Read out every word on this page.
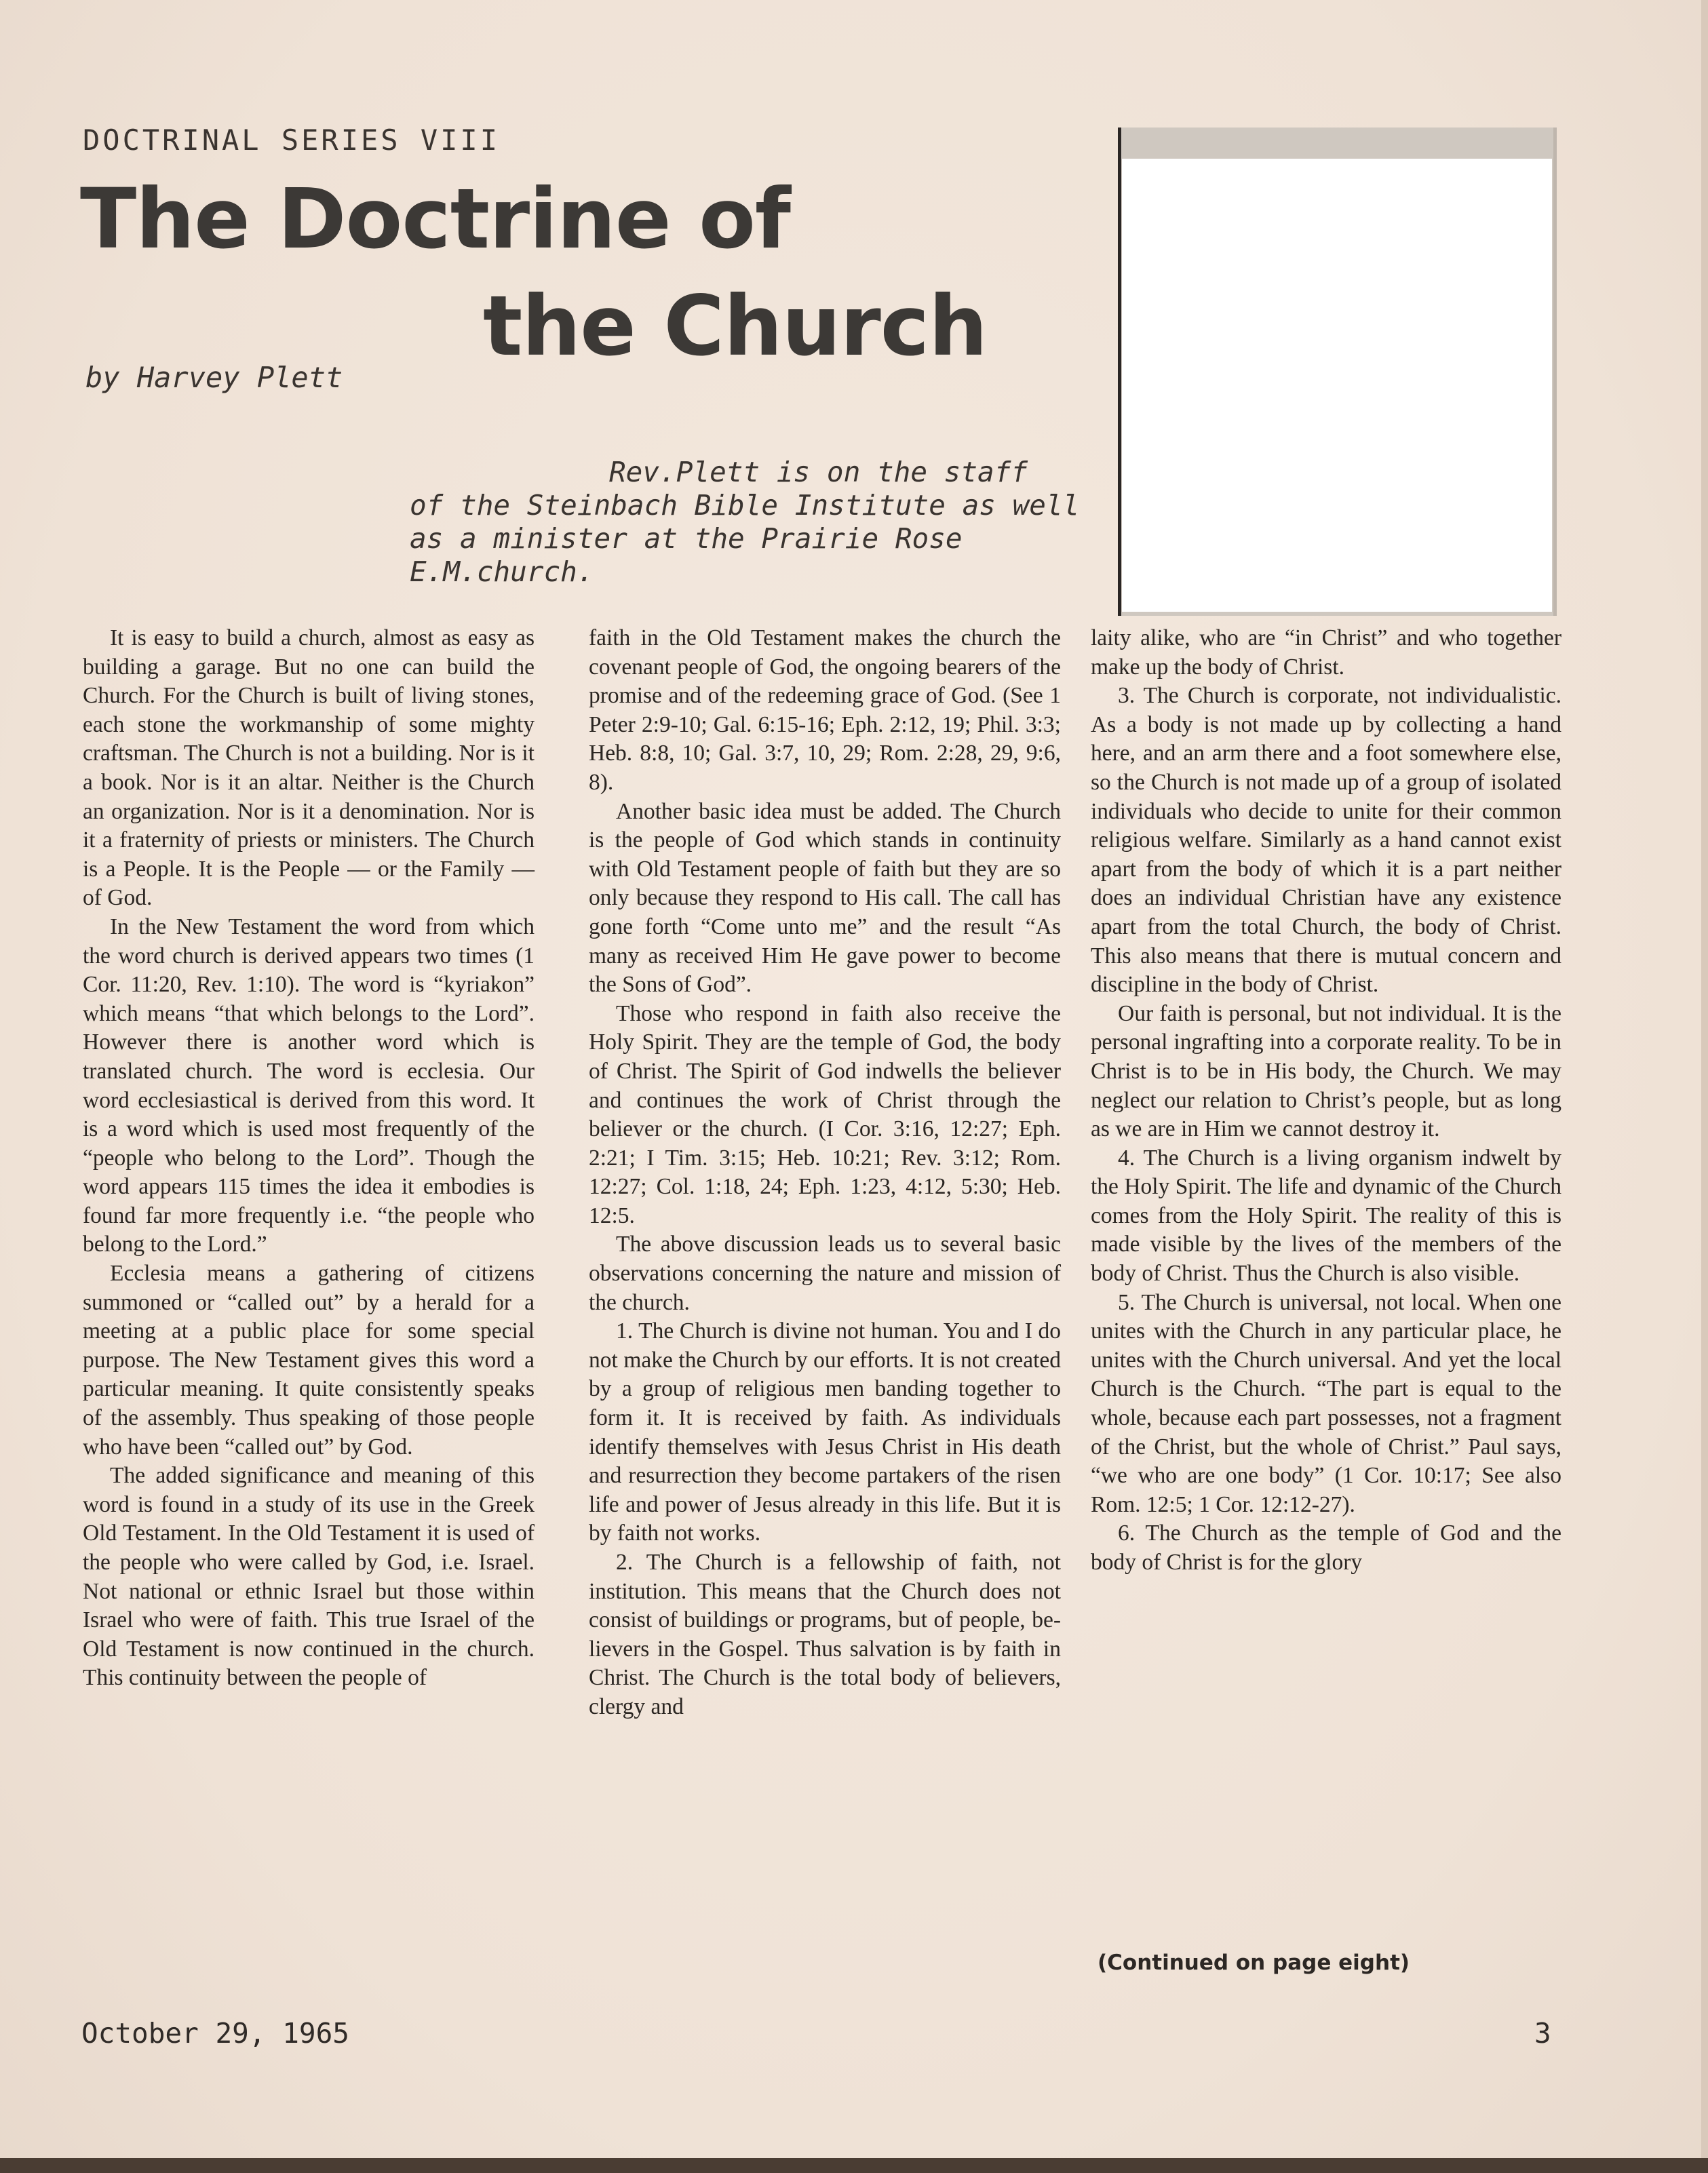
DOCTRINAL SERIES VIII
The Doctrine of
the Church
by Harvey Plett
Rev.Plett is on the staff
of the Steinbach Bible Institute as well
as a minister at the Prairie Rose
E.M.church.

It is easy to build a church, almost as easy as building a garage. But no one can build the Church. For the Church is built of living stones, each stone the workmanship of some mighty craftsman. The Church is not a building. Nor is it a book. Nor is it an altar. Neither is the Church an organization. Nor is it a denomination. Nor is it a fraternity of priests or ministers. The Church is a People. It is the People — or the Family — of God.

In the New Testament the word from which the word church is derived appears two times (1 Cor. 11:20, Rev. 1:10). The word is “kyriakon” which means “that which belongs to the Lord”. However there is another word which is translated church. The word is ecclesia. Our word ecclesiastical is derived from this word. It is a word which is used most frequently of the “people who belong to the Lord”. Though the word appears 115 times the idea it embodies is found far more frequently i.e. “the people who belong to the Lord.”

Ecclesia means a gathering of citizens summoned or “called out” by a herald for a meeting at a public place for some special purpose. The New Testament gives this word a particular meaning. It quite consistently speaks of the assembly. Thus speaking of those people who have been “called out” by God.

The added significance and meaning of this word is found in a study of its use in the Greek Old Testament. In the Old Testament it is used of the people who were called by God, i.e. Israel. Not national or ethnic Israel but those within Israel who were of faith. This true Israel of the Old Testament is now continued in the church. This continuity between the people of

faith in the Old Testament makes the church the covenant people of God, the ongoing bearers of the promise and of the redeeming grace of God. (See 1 Peter 2:9-10; Gal. 6:15-16; Eph. 2:12, 19; Phil. 3:3; Heb. 8:8, 10; Gal. 3:7, 10, 29; Rom. 2:28, 29, 9:6, 8).

Another basic idea must be added. The Church is the people of God which stands in continuity with Old Testament people of faith but they are so only because they respond to His call. The call has gone forth “Come unto me” and the result “As many as received Him He gave power to become the Sons of God”.

Those who respond in faith also receive the Holy Spirit. They are the temple of God, the body of Christ. The Spirit of God indwells the believer and continues the work of Christ through the believer or the church. (I Cor. 3:16, 12:27; Eph. 2:21; I Tim. 3:15; Heb. 10:21; Rev. 3:12; Rom. 12:27; Col. 1:18, 24; Eph. 1:23, 4:12, 5:30; Heb. 12:5.

The above discussion leads us to several basic observations concerning the nature and mission of the church.

1. The Church is divine not human. You and I do not make the Church by our efforts. It is not created by a group of religious men banding together to form it. It is received by faith. As individuals identify themselves with Jesus Christ in His death and resurrection they become partakers of the risen life and power of Jesus already in this life. But it is by faith not works.

2. The Church is a fellowship of faith, not institution. This means that the Church does not consist of buildings or programs, but of people, believers in the Gospel. Thus salvation is by faith in Christ. The Church is the total body of believers, clergy and

laity alike, who are “in Christ” and who together make up the body of Christ.

3. The Church is corporate, not individualistic. As a body is not made up by collecting a hand here, and an arm there and a foot somewhere else, so the Church is not made up of a group of isolated individuals who decide to unite for their common religious welfare. Similarly as a hand cannot exist apart from the body of which it is a part neither does an individual Christian have any existence apart from the total Church, the body of Christ. This also means that there is mutual concern and discipline in the body of Christ.

Our faith is personal, but not individual. It is the personal ingrafting into a corporate reality. To be in Christ is to be in His body, the Church. We may neglect our relation to Christ’s people, but as long as we are in Him we cannot destroy it.

4. The Church is a living organism indwelt by the Holy Spirit. The life and dynamic of the Church comes from the Holy Spirit. The reality of this is made visible by the lives of the members of the body of Christ. Thus the Church is also visible.

5. The Church is universal, not local. When one unites with the Church in any particular place, he unites with the Church universal. And yet the local Church is the Church. “The part is equal to the whole, because each part possesses, not a fragment of the Christ, but the whole of Christ.” Paul says, “we who are one body” (1 Cor. 10:17; See also Rom. 12:5; 1 Cor. 12:12-27).

6. The Church as the temple of God and the body of Christ is for the glory

(Continued on page eight)
October 29, 1965	3
